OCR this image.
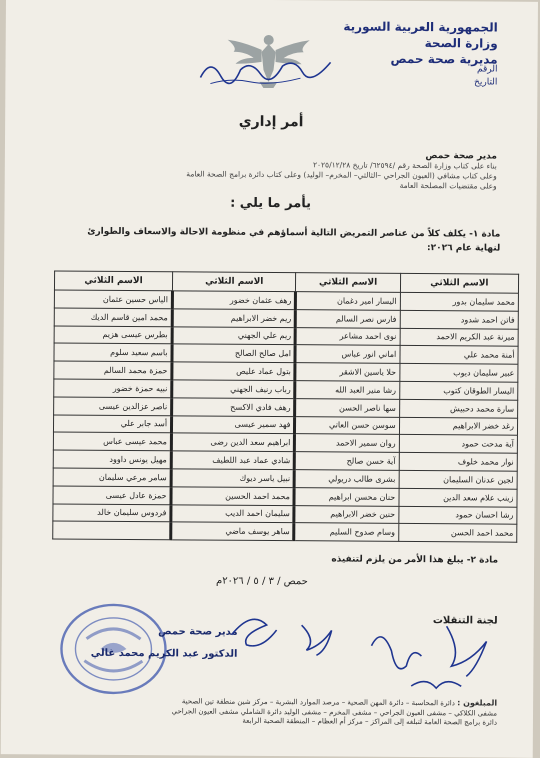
الجمهورية العربية السورية
وزارة الصحة
مديرية صحة حمص
الرقم
التاريخ
أمر إداري
مدير صحة حمص
بناء على كتاب وزارة الصحة رقم /٦٢٥٩٤/ تاريخ ٢٠٢٥/١٢/٢٨
وعلى كتاب مشافي (العيون الجراحي –الثالثي– المخرم– الوليد) وعلى كتاب دائرة برامج الصحة العامة
وعلى مقتضيات المصلحة العامة
يأمر ما يلي :
مادة ١- يكلف كلاً من عناصر التمريض التالية أسماؤهم في منظومة الاحالة والاسعاف والطوارئ
لنهاية عام ٢٠٢٦:
الاسم الثلاثي	الاسم الثلاثي	الاسم الثلاثي	الاسم الثلاثي
محمد سليمان بدور	اليسار امير دغمان	رهف عثمان خضور	الياس حسين عثمان
فاتن احمد شدود	فارس نصر السالم	ريم خضر الابراهيم	محمد امين قاسم الديك
ميرنة عبد الكريم الاحمد	نوى احمد مشاعر	ريم علي الجهني	بطرس عيسى هزيم
أمنة محمد علي	اماني انور عباس	امل صالح الصالح	باسم سعيد سلوم
عبير سليمان ديوب	حلا ياسين الاشقر	بتول عماد عليص	حمزة محمد السالم
اليسار الطوقان كتوب	رشا منير العبد الله	رباب رنيف الجهني	نبيه حمزة خضور
سارة محمد دحبيش	سها ناصر الحسن	رهف فادي الاكسح	ناصر عزالدين عيسى
رغد خضر الابراهيم	سوسن حسن العاتي	فهد سمير عيسى	أسد جابر علي
آية مدحت حمود	روان سمير الاحمد	ابراهيم سعد الدين رضى	محمد عيسى عباس
نوار محمد خلوف	آية حسن صالح	شادي عماد عبد اللطيف	مهيل يونس داوود
لجين عدنان السليمان	بشرى طالب دريولي	نبيل ياسر ديوك	سامر مرعي سليمان
زينب علام سعد الدين	حنان محسن ابراهيم	محمد احمد الحسين	حمزة عادل عيسى
رشا احسان حمود	حنين خضر الابراهيم	سليمان احمد الديب	فردوس سليمان خالد
محمد احمد الحسن	وسام صدوح السليم	ساهر يوسف ماضي	
مادة ٢- يبلغ هذا الأمر من يلزم لتنفيذه
حمص / ٣ / ٥ / ٢٠٢٦م
مدير صحة حمص
الدكتور عبد الكريم محمد غالي
لجنة التنقلات
المبلغون : دائرة المحاسبة – دائرة المهن الصحية – مرصد الموارد البشرية – مركز شين منطقة تين الصحية
مشفى الكلاكي – مشفى العيون الجراحي – مشفى المخرم – مشفى الوليد دائرة الشاملي مشفى العيون الجراحي
دائرة برامج الصحة العامة لتبلغه إلى المراكز – مركز أم العظام – المنطقة الصحية الرابعة
